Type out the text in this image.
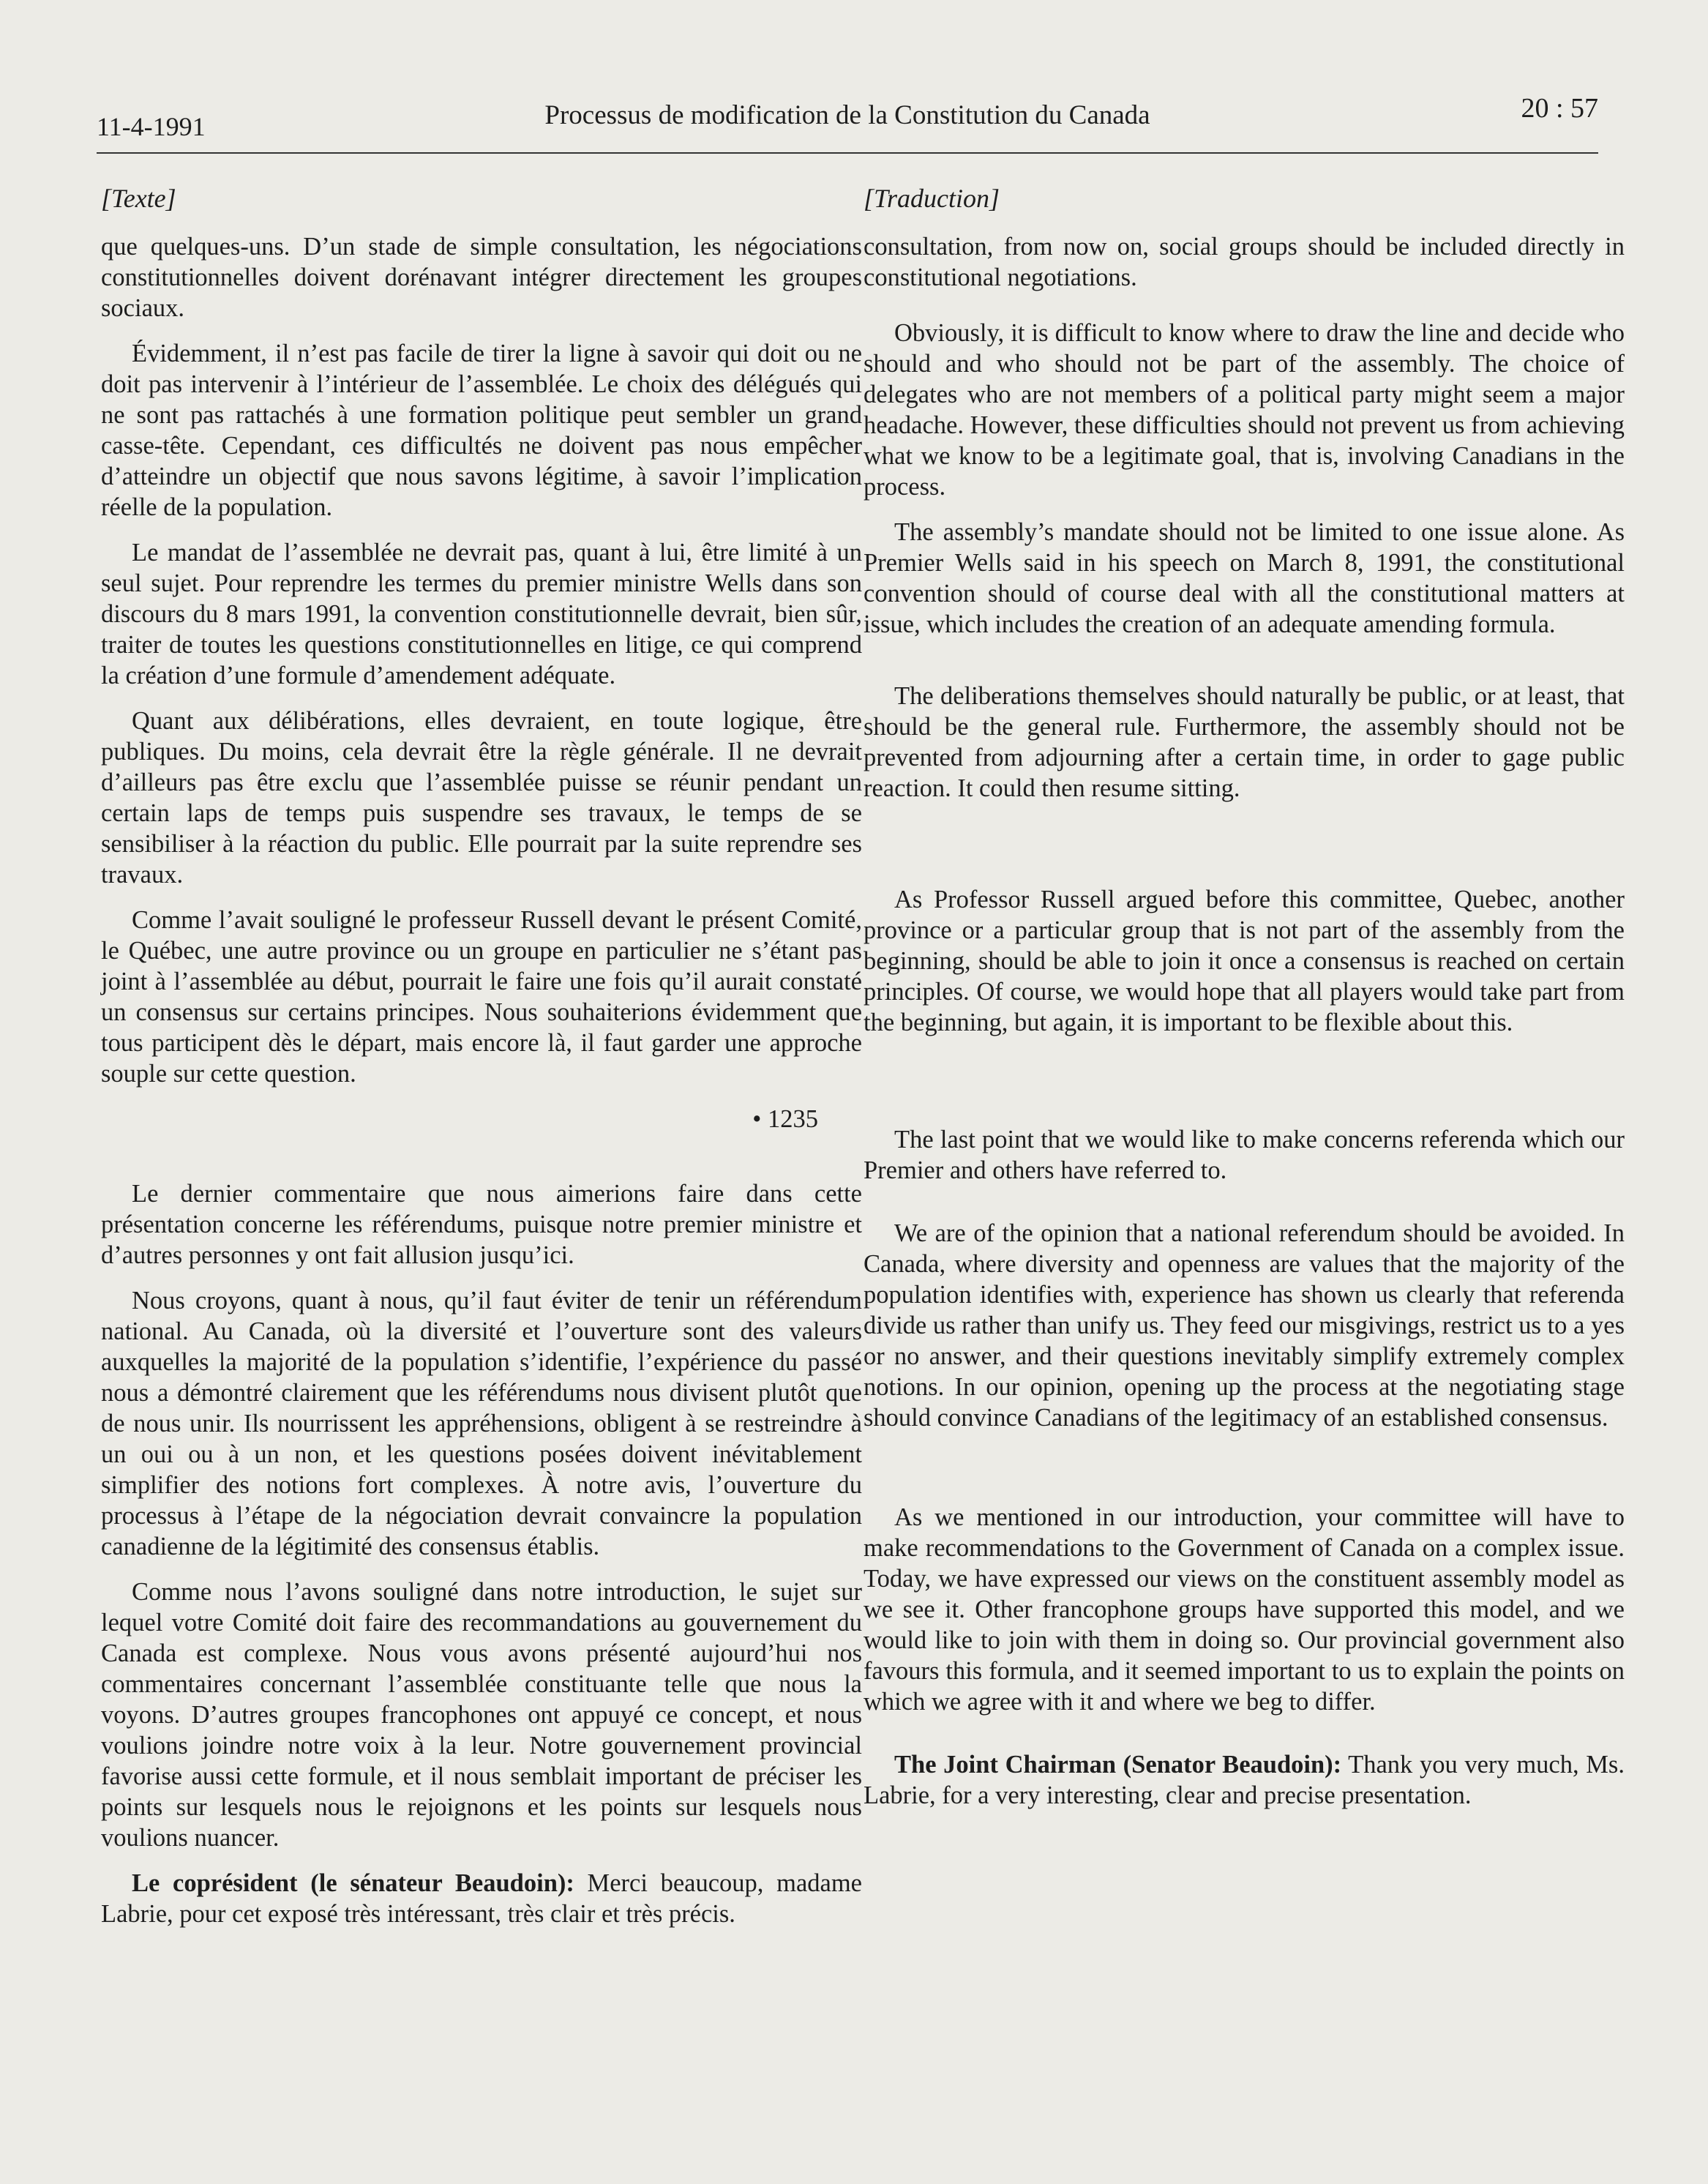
11-4-1991	Processus de modification de la Constitution du Canada	20 : 57
[Texte]

que quelques-uns. D’un stade de simple consultation, les négociations constitutionnelles doivent dorénavant intégrer directement les groupes sociaux.

Évidemment, il n’est pas facile de tirer la ligne à savoir qui doit ou ne doit pas intervenir à l’intérieur de l’assemblée. Le choix des délégués qui ne sont pas rattachés à une formation politique peut sembler un grand casse-tête. Cependant, ces difficultés ne doivent pas nous empêcher d’atteindre un objectif que nous savons légitime, à savoir l’implication réelle de la population.

Le mandat de l’assemblée ne devrait pas, quant à lui, être limité à un seul sujet. Pour reprendre les termes du premier ministre Wells dans son discours du 8 mars 1991, la convention constitutionnelle devrait, bien sûr, traiter de toutes les questions constitutionnelles en litige, ce qui comprend la création d’une formule d’amendement adéquate.

Quant aux délibérations, elles devraient, en toute logique, être publiques. Du moins, cela devrait être la règle générale. Il ne devrait d’ailleurs pas être exclu que l’assemblée puisse se réunir pendant un certain laps de temps puis suspendre ses travaux, le temps de se sensibiliser à la réaction du public. Elle pourrait par la suite reprendre ses travaux.

Comme l’avait souligné le professeur Russell devant le présent Comité, le Québec, une autre province ou un groupe en particulier ne s’étant pas joint à l’assemblée au début, pourrait le faire une fois qu’il aurait constaté un consensus sur certains principes. Nous souhaiterions évidemment que tous participent dès le départ, mais encore là, il faut garder une approche souple sur cette question.

• 1235

Le dernier commentaire que nous aimerions faire dans cette présentation concerne les référendums, puisque notre premier ministre et d’autres personnes y ont fait allusion jusqu’ici.

Nous croyons, quant à nous, qu’il faut éviter de tenir un référendum national. Au Canada, où la diversité et l’ouverture sont des valeurs auxquelles la majorité de la population s’identifie, l’expérience du passé nous a démontré clairement que les référendums nous divisent plutôt que de nous unir. Ils nourrissent les appréhensions, obligent à se restreindre à un oui ou à un non, et les questions posées doivent inévitablement simplifier des notions fort complexes. À notre avis, l’ouverture du processus à l’étape de la négociation devrait convaincre la population canadienne de la légitimité des consensus établis.

Comme nous l’avons souligné dans notre introduction, le sujet sur lequel votre Comité doit faire des recommandations au gouvernement du Canada est complexe. Nous vous avons présenté aujourd’hui nos commentaires concernant l’assemblée constituante telle que nous la voyons. D’autres groupes francophones ont appuyé ce concept, et nous voulions joindre notre voix à la leur. Notre gouvernement provincial favorise aussi cette formule, et il nous semblait important de préciser les points sur lesquels nous le rejoignons et les points sur lesquels nous voulions nuancer.

Le coprésident (le sénateur Beaudoin): Merci beaucoup, madame Labrie, pour cet exposé très intéressant, très clair et très précis.

[Traduction]

consultation, from now on, social groups should be included directly in constitutional negotiations.

Obviously, it is difficult to know where to draw the line and decide who should and who should not be part of the assembly. The choice of delegates who are not members of a political party might seem a major headache. However, these difficulties should not prevent us from achieving what we know to be a legitimate goal, that is, involving Canadians in the process.

The assembly’s mandate should not be limited to one issue alone. As Premier Wells said in his speech on March 8, 1991, the constitutional convention should of course deal with all the constitutional matters at issue, which includes the creation of an adequate amending formula.

The deliberations themselves should naturally be public, or at least, that should be the general rule. Furthermore, the assembly should not be prevented from adjourning after a certain time, in order to gage public reaction. It could then resume sitting.

As Professor Russell argued before this committee, Quebec, another province or a particular group that is not part of the assembly from the beginning, should be able to join it once a consensus is reached on certain principles. Of course, we would hope that all players would take part from the beginning, but again, it is important to be flexible about this.

The last point that we would like to make concerns referenda which our Premier and others have referred to.

We are of the opinion that a national referendum should be avoided. In Canada, where diversity and openness are values that the majority of the population identifies with, experience has shown us clearly that referenda divide us rather than unify us. They feed our misgivings, restrict us to a yes or no answer, and their questions inevitably simplify extremely complex notions. In our opinion, opening up the process at the negotiating stage should convince Canadians of the legitimacy of an established consensus.

As we mentioned in our introduction, your committee will have to make recommendations to the Government of Canada on a complex issue. Today, we have expressed our views on the constituent assembly model as we see it. Other francophone groups have supported this model, and we would like to join with them in doing so. Our provincial government also favours this formula, and it seemed important to us to explain the points on which we agree with it and where we beg to differ.

The Joint Chairman (Senator Beaudoin): Thank you very much, Ms. Labrie, for a very interesting, clear and precise presentation.
